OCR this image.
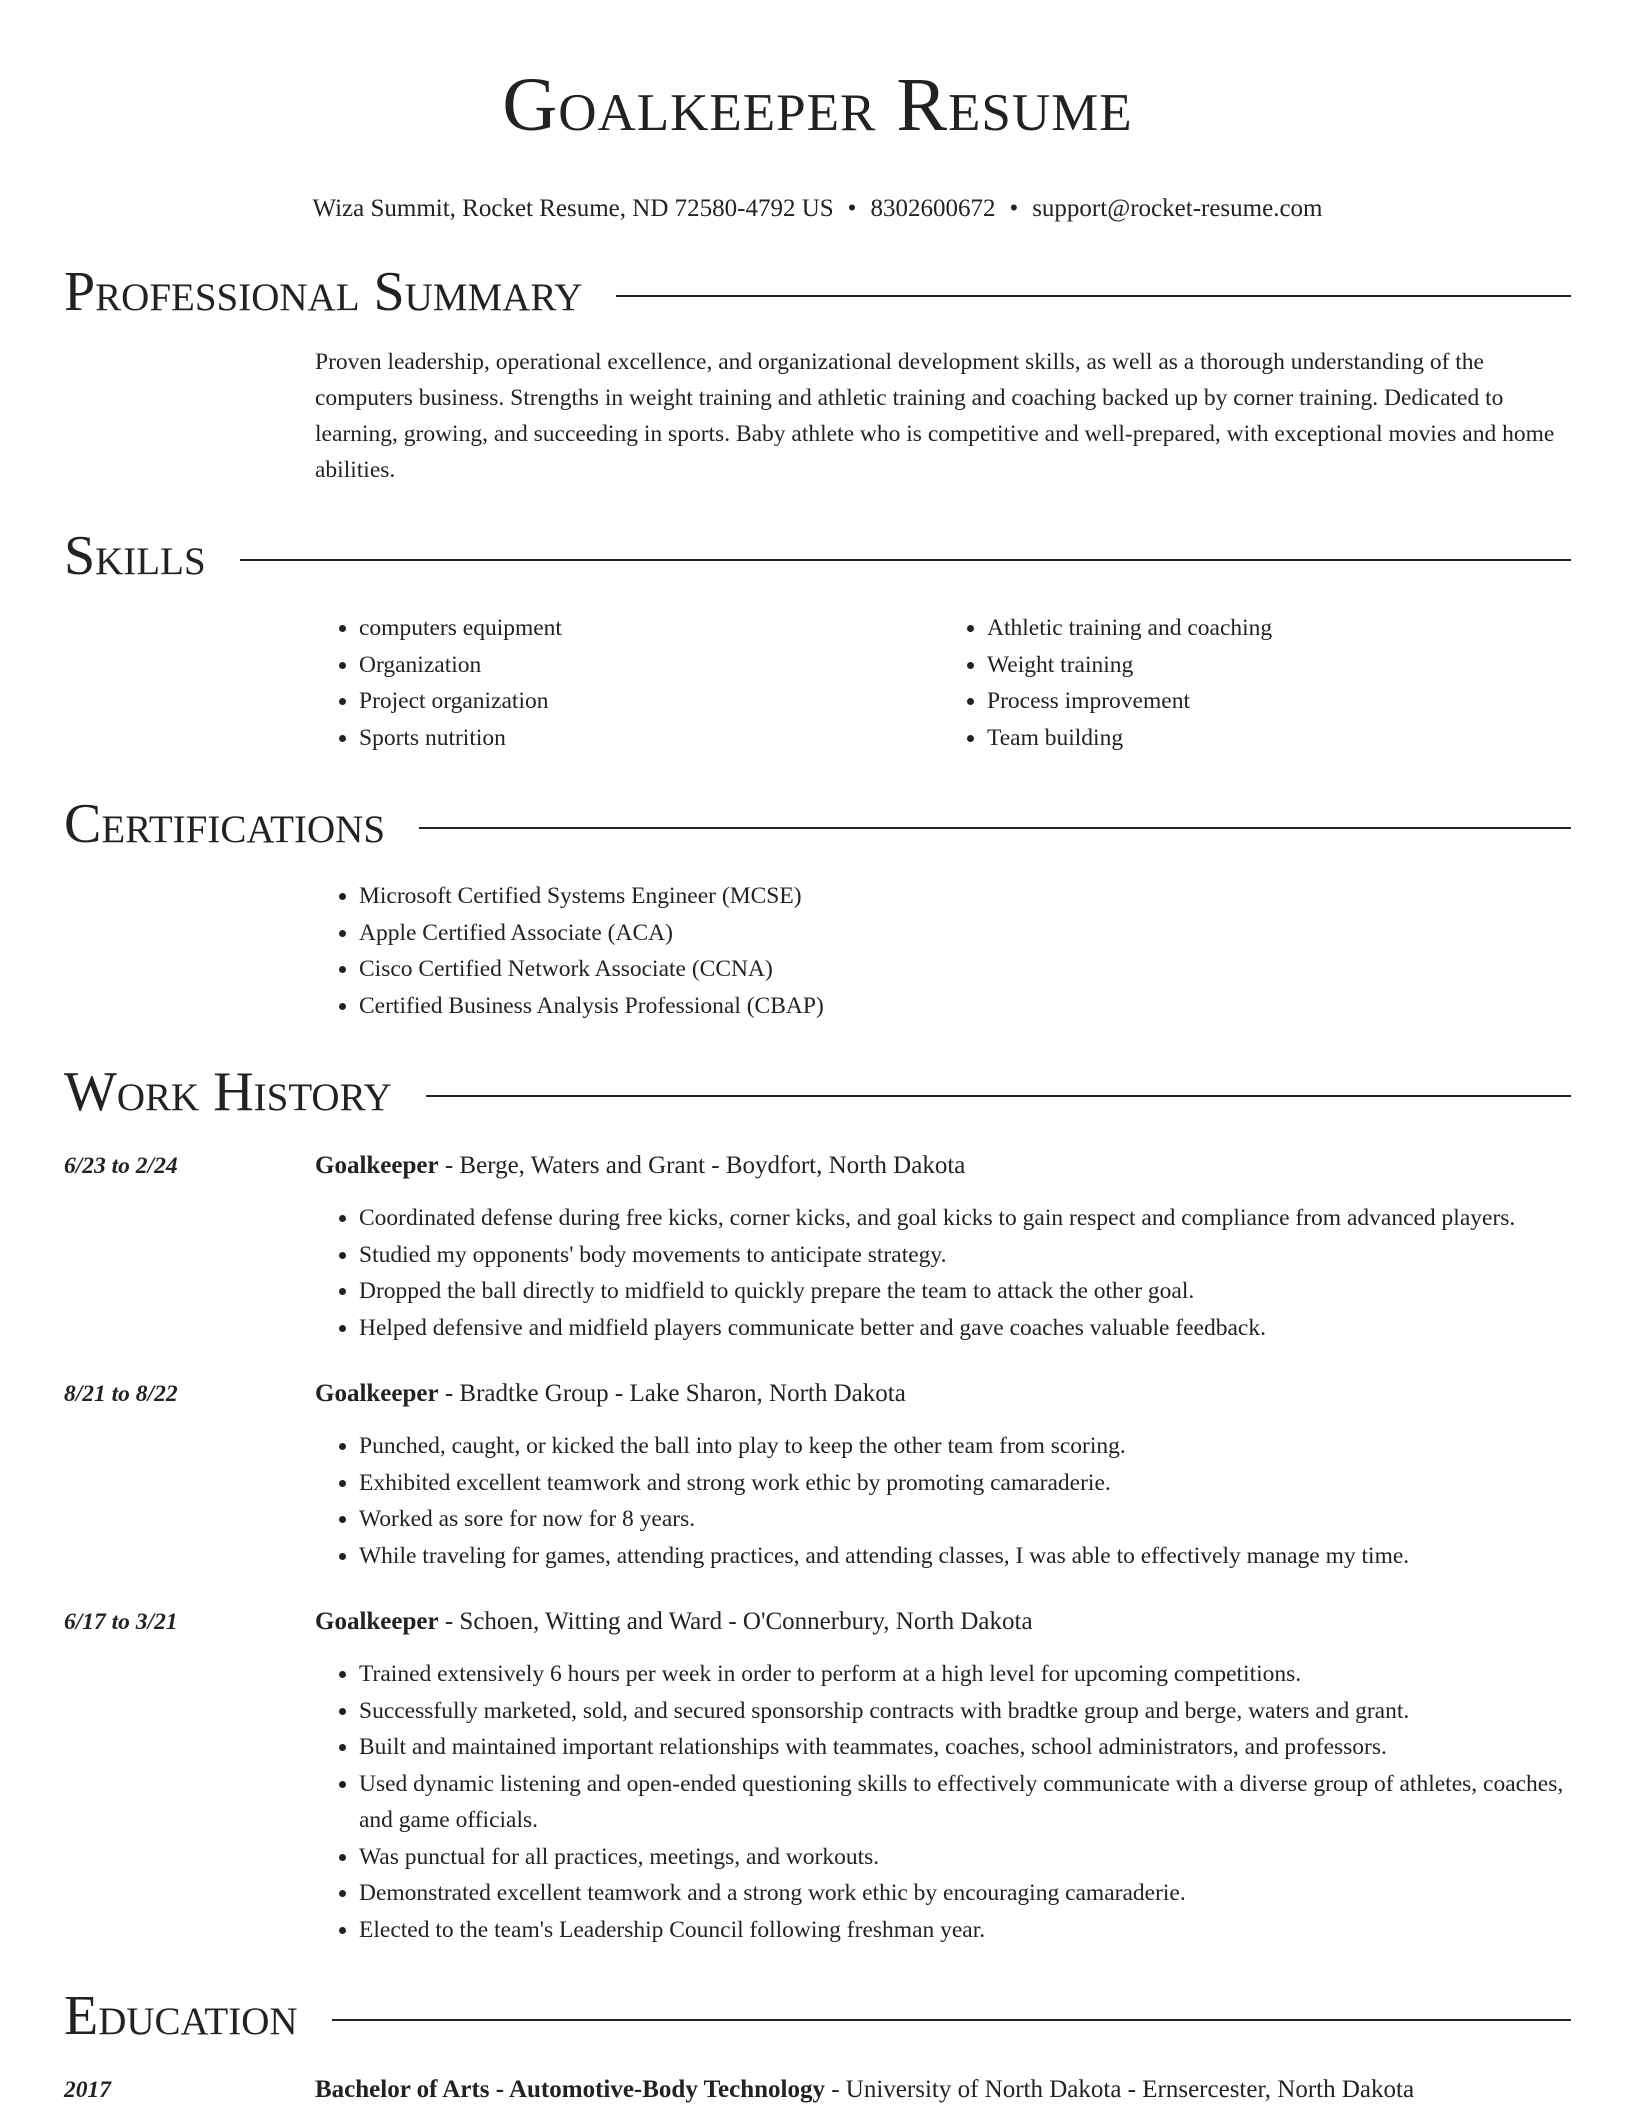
Goalkeeper Resume
Wiza Summit, Rocket Resume, ND 72580-4792 US • 8302600672 • support@rocket-resume.com
Professional Summary
Proven leadership, operational excellence, and organizational development skills, as well as a thorough understanding of the computers business. Strengths in weight training and athletic training and coaching backed up by corner training. Dedicated to learning, growing, and succeeding in sports. Baby athlete who is competitive and well-prepared, with exceptional movies and home abilities.
Skills
• computers equipment
• Organization
• Project organization
• Sports nutrition
• Athletic training and coaching
• Weight training
• Process improvement
• Team building
Certifications
• Microsoft Certified Systems Engineer (MCSE)
• Apple Certified Associate (ACA)
• Cisco Certified Network Associate (CCNA)
• Certified Business Analysis Professional (CBAP)
Work History
6/23 to 2/24	Goalkeeper - Berge, Waters and Grant - Boydfort, North Dakota
• Coordinated defense during free kicks, corner kicks, and goal kicks to gain respect and compliance from advanced players.
• Studied my opponents' body movements to anticipate strategy.
• Dropped the ball directly to midfield to quickly prepare the team to attack the other goal.
• Helped defensive and midfield players communicate better and gave coaches valuable feedback.
8/21 to 8/22	Goalkeeper - Bradtke Group - Lake Sharon, North Dakota
• Punched, caught, or kicked the ball into play to keep the other team from scoring.
• Exhibited excellent teamwork and strong work ethic by promoting camaraderie.
• Worked as sore for now for 8 years.
• While traveling for games, attending practices, and attending classes, I was able to effectively manage my time.
6/17 to 3/21	Goalkeeper - Schoen, Witting and Ward - O'Connerbury, North Dakota
• Trained extensively 6 hours per week in order to perform at a high level for upcoming competitions.
• Successfully marketed, sold, and secured sponsorship contracts with bradtke group and berge, waters and grant.
• Built and maintained important relationships with teammates, coaches, school administrators, and professors.
• Used dynamic listening and open-ended questioning skills to effectively communicate with a diverse group of athletes, coaches, and game officials.
• Was punctual for all practices, meetings, and workouts.
• Demonstrated excellent teamwork and a strong work ethic by encouraging camaraderie.
• Elected to the team's Leadership Council following freshman year.
Education
2017	Bachelor of Arts - Automotive-Body Technology - University of North Dakota - Ernsercester, North Dakota
